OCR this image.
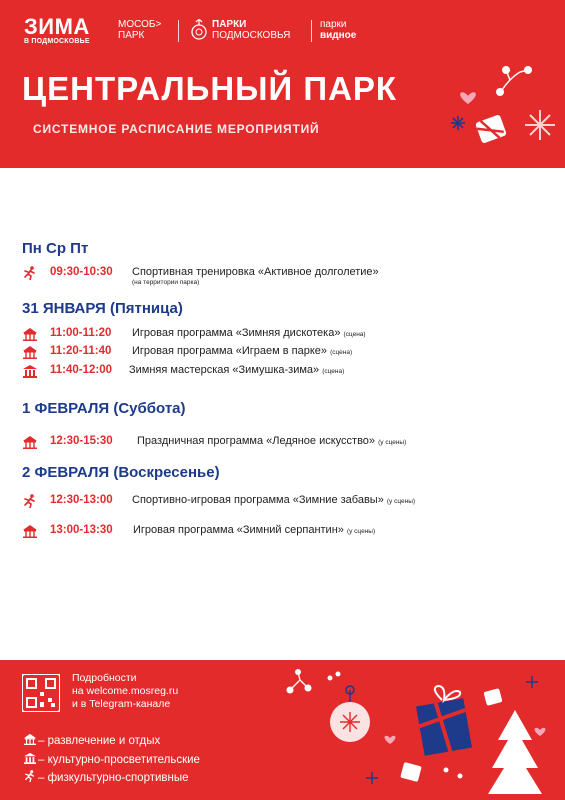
ЗИМА
В ПОДМОСКОВЬЕ
МОСОБ>
ПАРК
ПАРКИ
ПОДМОСКОВЬЯ
парки
видное
ЦЕНТРАЛЬНЫЙ ПАРК
СИСТЕМНОЕ РАСПИСАНИЕ МЕРОПРИЯТИЙ
Пн Ср Пт
09:30-10:30 Спортивная тренировка «Активное долголетие»
(на территории парка)
31 ЯНВАРЯ (Пятница)
11:00-11:20 Игровая программа «Зимняя дискотека» (сцена)
11:20-11:40 Игровая программа «Играем в парке» (сцена)
11:40-12:00 Зимняя мастерская «Зимушка-зима» (сцена)
1 ФЕВРАЛЯ (Суббота)
12:30-15:30 Праздничная программа «Ледяное искусство» (у сцены)
2 ФЕВРАЛЯ (Воскресенье)
12:30-13:00 Спортивно-игровая программа «Зимние забавы» (у сцены)
13:00-13:30 Игровая программа «Зимний серпантин» (у сцены)
Подробности
на welcome.mosreg.ru
и в Telegram-канале
– развлечение и отдых
– культурно-просветительские
– физкультурно-спортивные
